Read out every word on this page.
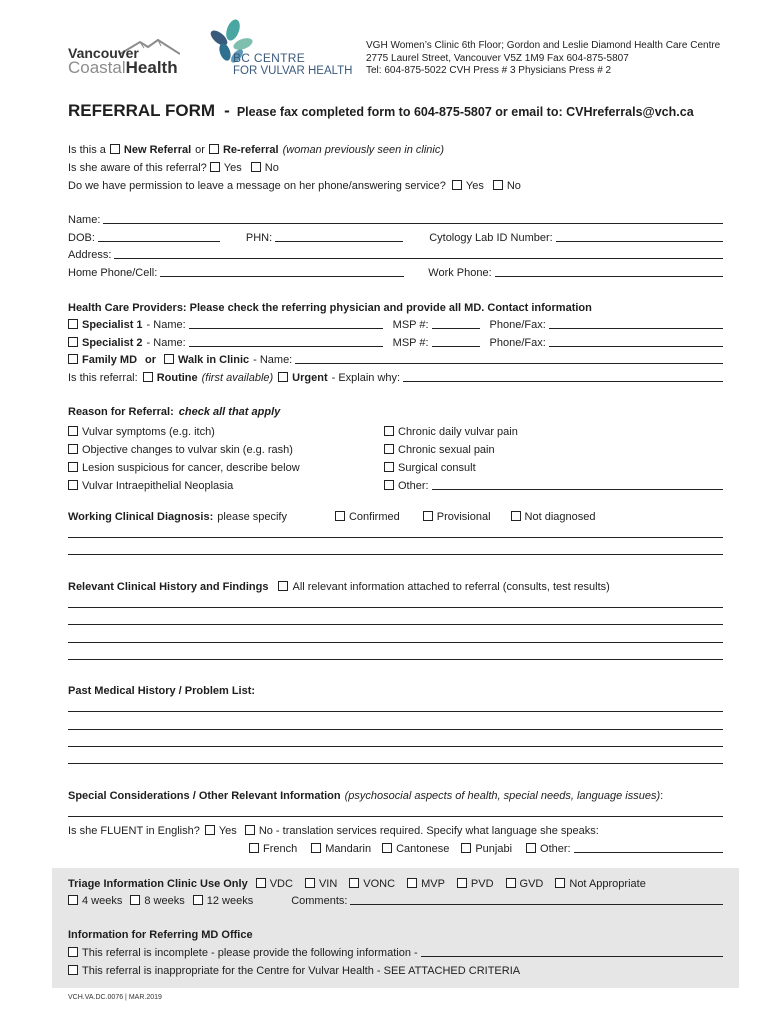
Vancouver
CoastalHealth	BC CENTRE
FOR VULVAR HEALTH
VGH Women’s Clinic 6th Floor; Gordon and Leslie Diamond Health Care Centre
2775 Laurel Street, Vancouver V5Z 1M9 Fax 604-875-5807
Tel: 604-875-5022 CVH Press # 3 Physicians Press # 2
REFERRAL FORM - Please fax completed form to 604-875-5807 or email to: CVHreferrals@vch.ca
Is this a New Referral or Re-referral (woman previously seen in clinic)
Is she aware of this referral? Yes No
Do we have permission to leave a message on her phone/answering service? Yes No
Name:
DOB:	PHN:	Cytology Lab ID Number:
Address:
Home Phone/Cell:	Work Phone:
Health Care Providers: Please check the referring physician and provide all MD. Contact information
Specialist 1 - Name:	MSP #:	Phone/Fax:
Specialist 2 - Name:	MSP #:	Phone/Fax:
Family MD or Walk in Clinic - Name:
Is this referral: Routine (first available) Urgent - Explain why:
Reason for Referral: check all that apply
Vulvar symptoms (e.g. itch)
Objective changes to vulvar skin (e.g. rash)
Lesion suspicious for cancer, describe below
Vulvar Intraepithelial Neoplasia
Chronic daily vulvar pain
Chronic sexual pain
Surgical consult
Other:
Working Clinical Diagnosis: please specify	Confirmed	Provisional	Not diagnosed
Relevant Clinical History and Findings All relevant information attached to referral (consults, test results)
Past Medical History / Problem List:
Special Considerations / Other Relevant Information (psychosocial aspects of health, special needs, language issues) :
Is she FLUENT in English? Yes No - translation services required. Specify what language she speaks:
French	Mandarin Cantonese Punjabi	Other:
Triage Information Clinic Use Only VDC VIN VONC MVP PVD GVD Not Appropriate
4 weeks 8 weeks 12 weeks	Comments:
Information for Referring MD Office
This referral is incomplete - please provide the following information -
This referral is inappropriate for the Centre for Vulvar Health - SEE ATTACHED CRITERIA
VCH.VA.DC.0076 | MAR.2019
